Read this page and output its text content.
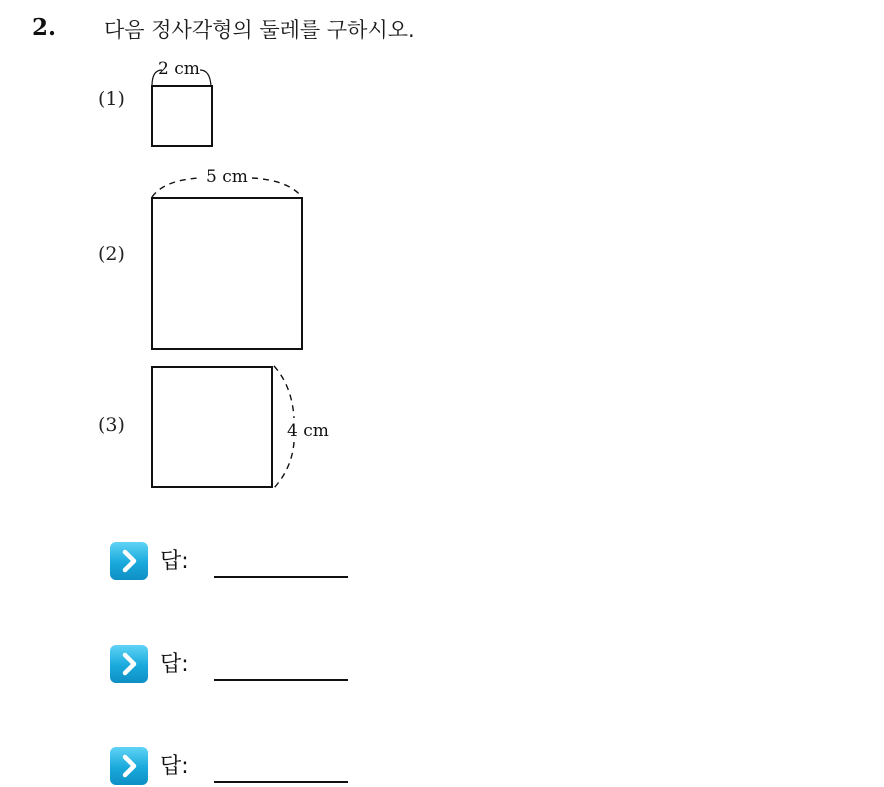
2. 다음 정사각형의 둘레를 구하시오.
(1)
2 cm
(2)
5 cm
(3)	4 cm
답:
답:
답:
